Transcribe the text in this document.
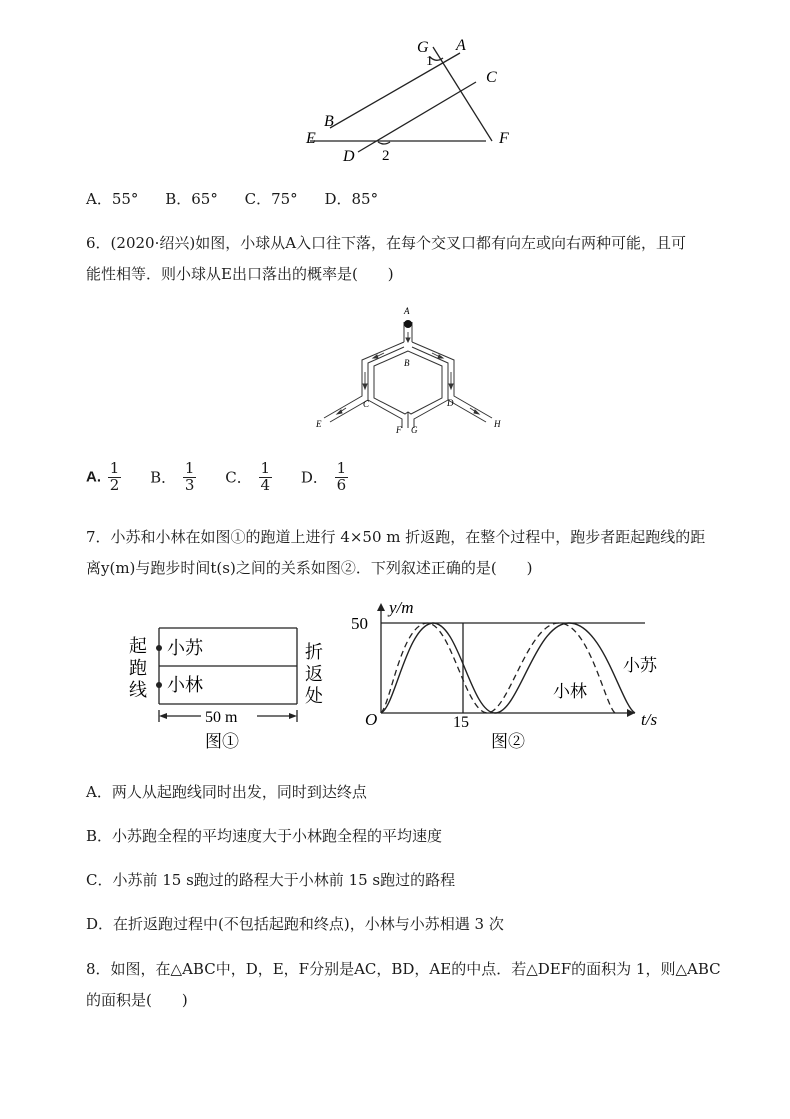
G A
1
C
B
E	F
D 2
A．55° B．65° C．75° D．85°
6．(2020·绍兴)如图，小球从A入口往下落，在每个交叉口都有向左或向右两种可能，且可
能性相等．则小球从E出口落出的概率是(　　)
A
B
C	D
E
F G
H
A. $\frac{1}{2}$ B． $\frac{1}{3}$ C． $\frac{1}{4}$ D． $\frac{1}{6}$
7．小苏和小林在如图①的跑道上进行 4×50 m 折返跑，在整个过程中，跑步者距起跑线的距
离y(m)与跑步时间t(s)之间的关系如图②．下列叙述正确的是(　　)
起
跑
线
小苏
小林
折
返
处
50 m
图①
y/m
50
O	15	t/s
小苏
小林
图②
A．两人从起跑线同时出发，同时到达终点
B．小苏跑全程的平均速度大于小林跑全程的平均速度
C．小苏前 15 s跑过的路程大于小林前 15 s跑过的路程
D．在折返跑过程中(不包括起跑和终点)，小林与小苏相遇 3 次
8．如图，在△ABC中，D，E，F分别是AC，BD，AE的中点．若△DEF的面积为 1，则△ABC
的面积是(　　)
